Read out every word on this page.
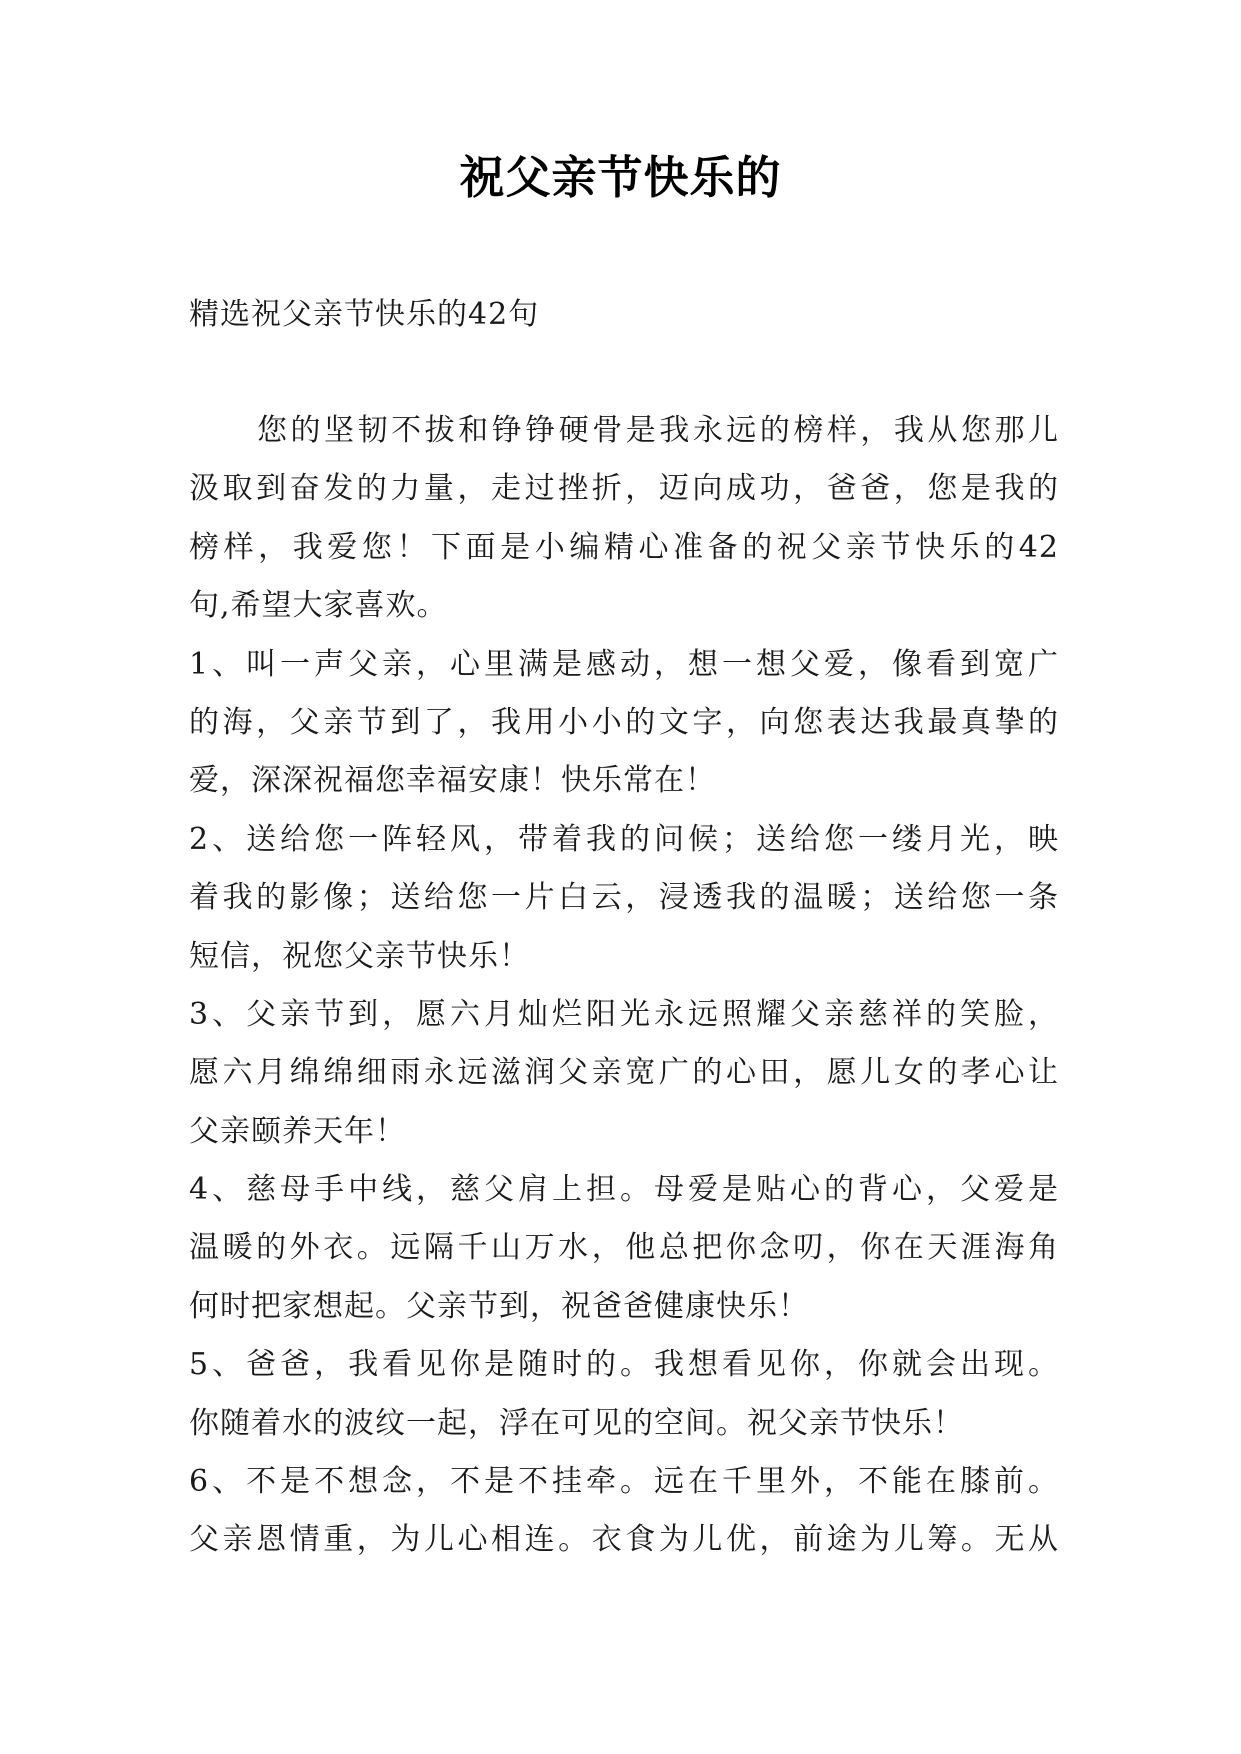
祝父亲节快乐的
精选祝父亲节快乐的42句
您的坚韧不拔和铮铮硬骨是我永远的榜样，我从您那儿
汲取到奋发的力量，走过挫折，迈向成功，爸爸，您是我的
榜样，我爱您！下面是小编精心准备的祝父亲节快乐的42
句,希望大家喜欢。
1、叫一声父亲，心里满是感动，想一想父爱，像看到宽广
的海，父亲节到了，我用小小的文字，向您表达我最真挚的
爱，深深祝福您幸福安康！快乐常在！
2、送给您一阵轻风，带着我的问候；送给您一缕月光，映
着我的影像；送给您一片白云，浸透我的温暖；送给您一条
短信，祝您父亲节快乐！
3、父亲节到，愿六月灿烂阳光永远照耀父亲慈祥的笑脸，
愿六月绵绵细雨永远滋润父亲宽广的心田，愿儿女的孝心让
父亲颐养天年！
4、慈母手中线，慈父肩上担。母爱是贴心的背心，父爱是
温暖的外衣。远隔千山万水，他总把你念叨，你在天涯海角
何时把家想起。父亲节到，祝爸爸健康快乐！
5、爸爸，我看见你是随时的。我想看见你，你就会出现。
你随着水的波纹一起，浮在可见的空间。祝父亲节快乐！
6、不是不想念，不是不挂牵。远在千里外，不能在膝前。
父亲恩情重，为儿心相连。衣食为儿优，前途为儿筹。无从
